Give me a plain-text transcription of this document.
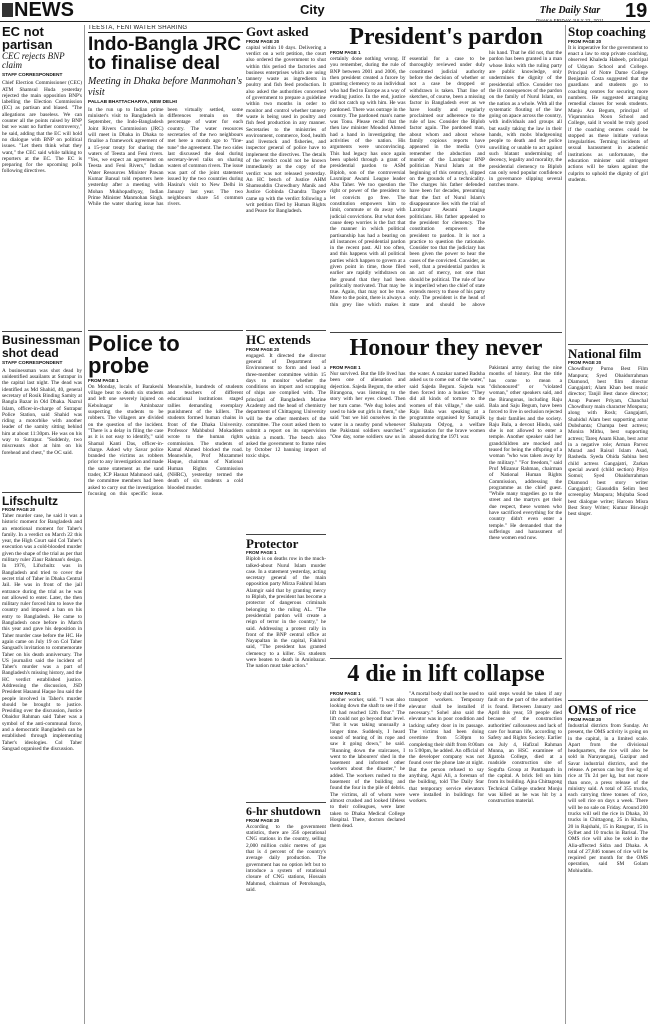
NEWS	City	The Daily Star
DHAKA FRIDAY JULY 22, 2011	19
EC not partisan
CEC rejects BNP claim
STAFF CORRESPONDENT
Chief Election Commissioner (CEC) ATM Shamsul Huda yesterday rejected the main opposition BNP's labelling the Election Commission (EC) as partisan and biased. "The allegations are baseless. We can counter all the points raised by BNP but we want no further controversy," he said, adding that the EC will hold no dialogue with BNP on political issues. "Let them think what they want," the CEC said while talking to reporters at the EC. The EC is preparing for the upcoming polls following directives.
Businessman shot dead
STAFF CORRESPONDENT
A businessman was shot dead by unidentified assailants at Sutrapur in the capital last night. The dead was identified as Md Shahid, 40, general secretary of Rosik Binding Samity at Bangla Bazar in Old Dhaka. Nazrul Islam, officer-in-charge of Sutrapur Police Station, said Shahid was riding a motorbike with another leader of the samity sitting behind him at about 11:30pm. He was on his way to Sutrapur. "Suddenly, two miscreants shot at him on his forehead and chest," the OC said.
Lifschultz
FROM PAGE 20
Taher murder case, he said it was a historic moment for Bangladesh and an emotional moment for Taher's family. In a verdict on March 22 this year, the High Court said Col Taher's execution was a cold-blooded murder given the shape of the trial as per that military ruler Ziaur Rahman's design. In 1976, Lifschultz was in Bangladesh and tried to cover the secret trial of Taher in Dhaka Central Jail. He was in front of the jail entrance during the trial as he was not allowed to enter. Later, the then military ruler forced him to leave the country and imposed a ban on his entry to Bangladesh. He came to Bangladesh once before in March this year and gave his deposition in Taher murder case before the HC. He again came on July 19 on Col Taher Sangsad's invitation to commemorate Taher on his death anniversary. The US journalist said the incident of Taher's murder was a part of Bangladesh's missing history, and the HC verdict established justice. Addressing the discussion, JSD President Hasanul Haque Inu said the people involved in Taher's murder should be brought to justice. Presiding over the discussion, Justice Obaidur Rahman said Taher was a symbol of the anti-communal force, and a democratic Bangladesh can be established through implementing Taher's ideologies. Col Taher Sangsad organised the discussion.
TEESTA, FENI WATER SHARING
Indo-Bangla JRC to finalise deal
Meeting in Dhaka before Manmohan's visit
PALLAB BHATTACHARYA, NEW DELHI
In the run up to Indian prime minister's visit to Bangladesh in September, the Indo-Bangladesh Joint Rivers Commission (JRC) will meet in Dhaka in Dhaka to finalise a framework agreement of a 15-year treaty for sharing the waters of Teesta and Feni rivers. "Yes, we expect an agreement on Teesta and Feni Rivers," Indian Water Resources Minister Pawan Kumar Bansal told reporters here yesterday after a meeting with Mohan Mukhopadhyay, Indian Prime Minister Manmohan Singh. While the water sharing issue has been virtually settled, some differences remain on the percentage of water for each country. The water resources secretaries of the two neighbours met here a month ago to "fine-tune" the agreement. The two sides last discussed the deal during secretary-level talks on sharing waters of common rivers. The issue was part of the joint statement issued by the two countries during Hasina's visit to New Delhi in January last year. The two neighbours share 54 common rivers.
Govt asked
FROM PAGE 20
capital within 10 days. Delivering a verdict on a writ petition, the court also ordered the government to shut within this period the factories and business enterprises which are using tannery waste as ingredients in poultry and fish feed production. It also asked the authorities concerned of government to prepare a guideline within two months in order to monitor and control whether tannery waste is being used in poultry and fish feed production in any manner. Secretaries to the ministries of environment, commerce, food, health and livestock and fisheries, and inspector general of police have to implement the directives. The details of the verdict could not be known immediately as the copy of the verdict was not released yesterday. An HC bench of Justice AHM Shamsuddin Chowdhury Manik and Justice Gobinda Chandra Tagore came up with the verdict following a writ petition filed by Human Rights and Peace for Bangladesh.
Police to probe
FROM PAGE 1
On Monday, locals of Barakeshi village beat to death six students and left one severely injured on Kebulnagar in Aminbazar suspecting the students to be robbers. The villagers are divided on the question of the incident. "There is a delay in filing the case as it is not easy to identify," said Shamal Kanti Das, officer-in-charge. Asked why Savar police branded the victims as robbers prior to any investigation and made the same statement as the sand trader, ICP Hasnat Mahmood said, the committee members had been asked to carry out the investigation focusing on this specific issue. Meanwhile, hundreds of students and teachers of different educational institutions staged rallies demanding exemplary punishment of the killers. The students formed human chains in front of the Dhaka University. Professor Mahbubul Mokaddem wrote to the human rights commission. The students of Kamal Ahmed blocked the road. Meanwhile, Prof Mozammel Haque, chairman of National Human Rights Commission (NHRC), yesterday termed the death of six students a cold blooded murder.
HC extends
FROM PAGE 20
engaged. It directed the director general of Department of Environment to form and lead a three-member committee within 15 days to monitor whether the conditions on import and scrapping of ships are complied with. The principal of Bangladesh Marine Academy and the head of chemistry department of Chittagong University will be the other members of the committee. The court asked them to submit a report on its supervision within a month. The bench also asked the government to frame rules by October 12 banning import of toxic ships.
Protector
FROM PAGE 1
Biplob is on deaths row in the much-talked-about Nurul Islam murder case. In a statement yesterday, acting secretary general of the main opposition party Mirza Fakhrul Islam Alamgir said that by granting mercy to Biplob, the president has become a protector of dangerous criminals belonging to the ruling AL. "The presidential pardon will create a reign of terror in the country," he said. Addressing a protest rally in front of the BNP central office at Nayapaltan in the capital, Fakhrul said, "The president has granted clemency to a killer. Six students were beaten to death in Aminbazar. The nation must take action."
6-hr shutdown
FROM PAGE 20
According to the government statistics, there are 356 operational CNG stations in the country, selling 2,000 million cubic metres of gas that is 4 percent of the country's average daily production. The government has no option left but to introduce a system of rotational closure of CNG stations, Hossain Mahmud, chairman of Petrobangla, said.
President's pardon
FROM PAGE 1
certainly done nothing wrong. If you remember, during the rule of BNP between 2001 and 2006, the then president created a furore by granting clemency to an individual who had fled to Europe as a way of evading justice. In the end, justice did not catch up with him. He was pardoned. There was outrage in the country. The pardoned man's name was Tonu. Please recall that the then law minister Moudud Ahmed had a hand in investigating the activities of the nation. His arguments were unconvincing. This bad legacy has once again been upheld through a grant of presidential pardon to ASM Biplob, son of the controversial Laxmipur Awami League leader Abu Taher. We too question the right or power of the president to let convicts go free. The constitution empowers him to limit, commute or do away with judicial convictions. But what does cause deep worries is the fact that the manner in which political partisanship has had a bearing on all instances of presidential pardon in the recent past. All too often, and this happens with all political parties which happen to govern at a given point in time, those filed earlier are rapidly withdrawn on the ground that they had been politically motivated. That may be true. Again, that may not be true. More to the point, there is always a thin grey line which makes it essential for a case to be thoroughly reviewed under duly constituted judicial authority before the decision of whether or not a case be dropped or withdrawn is taken. That line of sketches, of course, been a missing factor in Bangladesh ever as we have loudly and regularly proclaimed our adherence to the rule of law. Consider the Biplob factor again. The pardoned man, about whom and about whose family copious reports have appeared in the media (you remember the abduction and murder of the Laxmipur BNP politician Nurul Islam at the beginning of this century), slipped on the grounds of a technicality. The charges his father defended have been for decades, presuming that the fact of Nurul Islam's disappearance lies with the trial of Laxmipur Awami League politicians. His father appealed to the president for clemency. The constitution empowers the president to pardon. It is not a practice to question the rationale. Consider too that the judiciary has been given the power to hear the cases of the convicted. Consider, as well, that a presidential pardon is an act of mercy, not one that should be political. The rule of law is imperiled when the chief of state extends mercy to those of his party only. The president is the head of state and should be above
his hand. That he did not, that the pardon has been granted in a man whose links with the ruling party are public knowledge, only undermines the dignity of the presidential office. Consider too the ill consequences of the pardon on the family of Nurul Islam, on the nation as a whole. With all the systematic flouting of the law going on apace across the country, with individuals and groups all but easily taking the law in their hands, with mobs bludgeoning people to death and the police unwilling or unable to act against such blatant undermining of decency, legality and morality, the presidential clemency to Biplob can only send popular confidence in governance slipping several notches more.
Honour they never
FROM PAGE 1
Nur survived. But the life lived has been one of alienation and dejection. Sajeda Begum, the other Birangona, was listening to the story with her eyes closed. Then her turn came. "We dug holes and used to hide out girls in them," she said "but we hid ourselves in the water in a nearby pond whenever the Pakistani soldiers searched." "One day, some soldiers saw us in the water. A razakar named Badsha asked us to come out of the water," said Sajeda Begum. Sajeda was then forced into a bunker. "They did all kinds of torture to the women of this village," she said. Raju Bala was speaking at a programme organised by Samajik Shahayata Odyog, a welfare organisation for the brave women abused during the 1971 war.
Pakistani army during the nine months of history. But the title has come to mean a "dishonoured" or "violated woman," other speakers said, and the Birangonas, including Raju Bala and Saju Begum, have been forced to live in seclusion rejected by their families and the society. Raju Bala, a devout Hindu, said she is not allowed to enter a temple. Another speaker said her grandchildren are mocked and teased for being the offspring of a woman "who was taken away by the military." "For freedom," said Prof Mizanur Rahman, chairman of National Human Rights Commission, addressing the programme as the chief guest. "While many tragedies go to the street and the martyrs get their due respect, these women who have sacrificed everything for the country didn't even enter a temple." He demanded that the sufferings and harassment of these women end now.
4 die in lift collapse
FROM PAGE 1
another worker, said. "I was also looking down the shaft to see if the lift had reached 12th floor." The lift could not go beyond that level. "But it was taking unusually a longer time. Suddenly, I heard sound of tearing of its rope and saw it going down," he said. "Running down the staircases, I went to the labourers' shed in the basement and informed other workers about the disaster," he added. The workers rushed to the basement of the building and found the four in the pile of debris. The victims, all of whom were almost crushed and looked lifeless to their colleagues, were later taken to Dhaka Medical College Hospital. There, doctors declared them dead.
"A mortal body shall not be used to transport workers. Temporary elevator shall be installed if necessary." Sohel also said the elevator was in poor condition and lacking safety door in its passage. The victims had been doing overtime from 5:30pm to completing their shift from 8:00am to 5:00pm, he added. An official of the developer company was not found over the phone late at night. But the person refused to say anything. Agni Ali, a foreman of the building, told The Daily Star that temporary service elevators were installed in buildings for workers.
said steps would be taken if any fault on the part of the authorities is found. Between January and April this year, 59 people died because of the construction authorities' callousness and lack of care for human life, according to Safety and Rights Society. Earlier on July 4, Hafizul Rahman Munna, an HSC examinee of Jigatola College, died at a roadside construction site of Sogufta Group at Panthapath in the capital. A brick fell on him from its building. Ajna Chittagong Technical College student Monju was killed as he was hit by a construction material.
Stop coaching
FROM PAGE 20
It is imperative for the government to enact a law to stop private coaching, observed Khaleda Habeeb, principal of Udayan School and College. Principal of Notre Dame College Benjamin Costa suggested that the guardians and students go to coaching centres for securing more numbers. He suggested arranging remedial classes for weak students. Manju Ara Begum, principal of Viqarunnisa Noon School and College, said it would be truly good if the coaching centres could be stopped as these initiate various irregularities. Terming incidents of sexual harassment in academic institutions as unfortunate, the education minister said stringent actions will be taken against the culprits to uphold the dignity of girl students.
National film
FROM PAGE 20
Chowdhury Purno Best Film Manpura; Syed Obaidurrahman Diamond, best film director Gangajatri; Alam Khan best music director; Tanjil Best dance director; Anup Puneet Priyam, Chanchal Chowdhury main character Monpura; along with Rosh; Gangajatri, Shahidul Alam best supporting actor Dubshanta; Champa best actress; Monira Mithu, best supporting actress; Tareq Anam Khan, best actor in a negative role; Arman Parvez Murad and Raisul Islam Asad, Rasheda. Syeda Ohida Sabina best child actress Gangajatri, Zarkan special award (child section) Priyo Somoi; Syed Obaidurrahman Diamond best story writer Gangajatri; Giasuddin Selim best screenplay Manpura; Mujtaba Soud best dialogue writer; Haroon Misra Best Story Writer; Kumar Biswajit best singer.
OMS of rice
FROM PAGE 20
Industrial districts from Sunday. At present, the OMS activity is going on in the capital, in a limited scale. Apart from the divisional headquarters, the rice will also be sold in Narayanganj, Gazipur and Savar industrial districts, and the release. A person can buy five kg of rice at Tk 24 per kg, but not more than once, a press release of the ministry said. A total of 355 trucks, each carrying three tonnes of rice, will sell rice on days a week. There will be no sale on Friday. Around 200 trucks will sell the rice in Dhaka, 30 trucks in Chittagong, 25 in Khulna, 20 in Rajshahi, 15 in Rangpur, 15 in Sylhet and 10 trucks in Barisal. The OMS rice will also be sold in the Alia-affected Sidra and Dhaka. A total of 27,846 tonnes of rice will be required per month for the OMS operation, said SM Golam Mohiuddin.
